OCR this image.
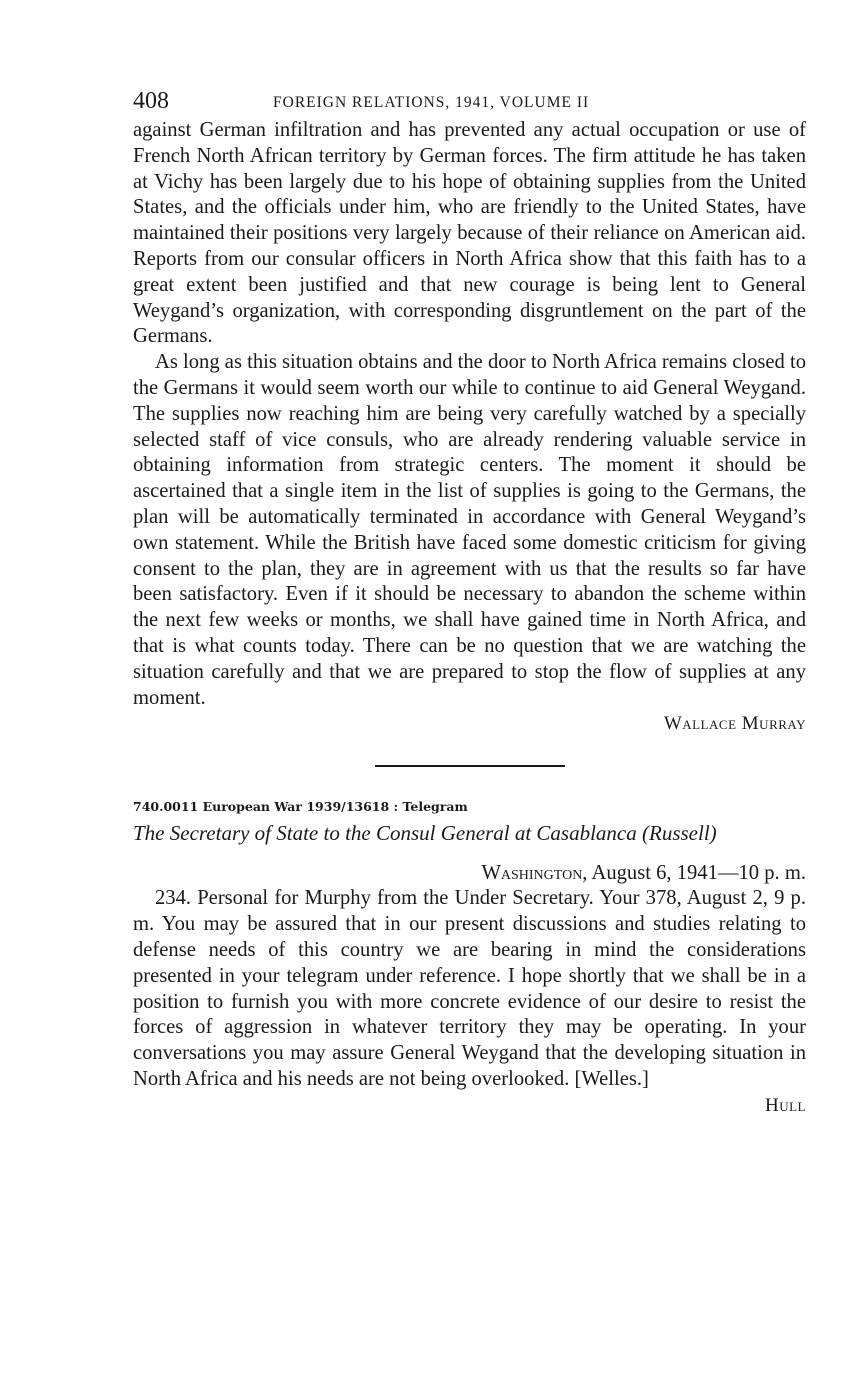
408	FOREIGN RELATIONS, 1941, VOLUME II

against German infiltration and has prevented any actual occupation or use of French North African territory by German forces. The firm attitude he has taken at Vichy has been largely due to his hope of obtaining supplies from the United States, and the officials under him, who are friendly to the United States, have maintained their positions very largely because of their reliance on American aid. Reports from our consular officers in North Africa show that this faith has to a great extent been justified and that new courage is being lent to General Weygand’s organization, with corresponding disgruntlement on the part of the Germans.

As long as this situation obtains and the door to North Africa remains closed to the Germans it would seem worth our while to continue to aid General Weygand. The supplies now reaching him are being very carefully watched by a specially selected staff of vice consuls, who are already rendering valuable service in obtaining information from strategic centers. The moment it should be ascertained that a single item in the list of supplies is going to the Germans, the plan will be automatically terminated in accordance with General Weygand’s own statement. While the British have faced some domestic criticism for giving consent to the plan, they are in agreement with us that the results so far have been satisfactory. Even if it should be necessary to abandon the scheme within the next few weeks or months, we shall have gained time in North Africa, and that is what counts today. There can be no question that we are watching the situation carefully and that we are prepared to stop the flow of supplies at any moment.

Wallace Murray
740.0011 European War 1939/13618 : Telegram
The Secretary of State to the Consul General at Casablanca (Russell)
Washington, August 6, 1941—10 p. m.

234. Personal for Murphy from the Under Secretary. Your 378, August 2, 9 p. m. You may be assured that in our present discussions and studies relating to defense needs of this country we are bearing in mind the considerations presented in your telegram under reference. I hope shortly that we shall be in a position to furnish you with more concrete evidence of our desire to resist the forces of aggression in whatever territory they may be operating. In your conversations you may assure General Weygand that the developing situation in North Africa and his needs are not being overlooked. [Welles.]

Hull
